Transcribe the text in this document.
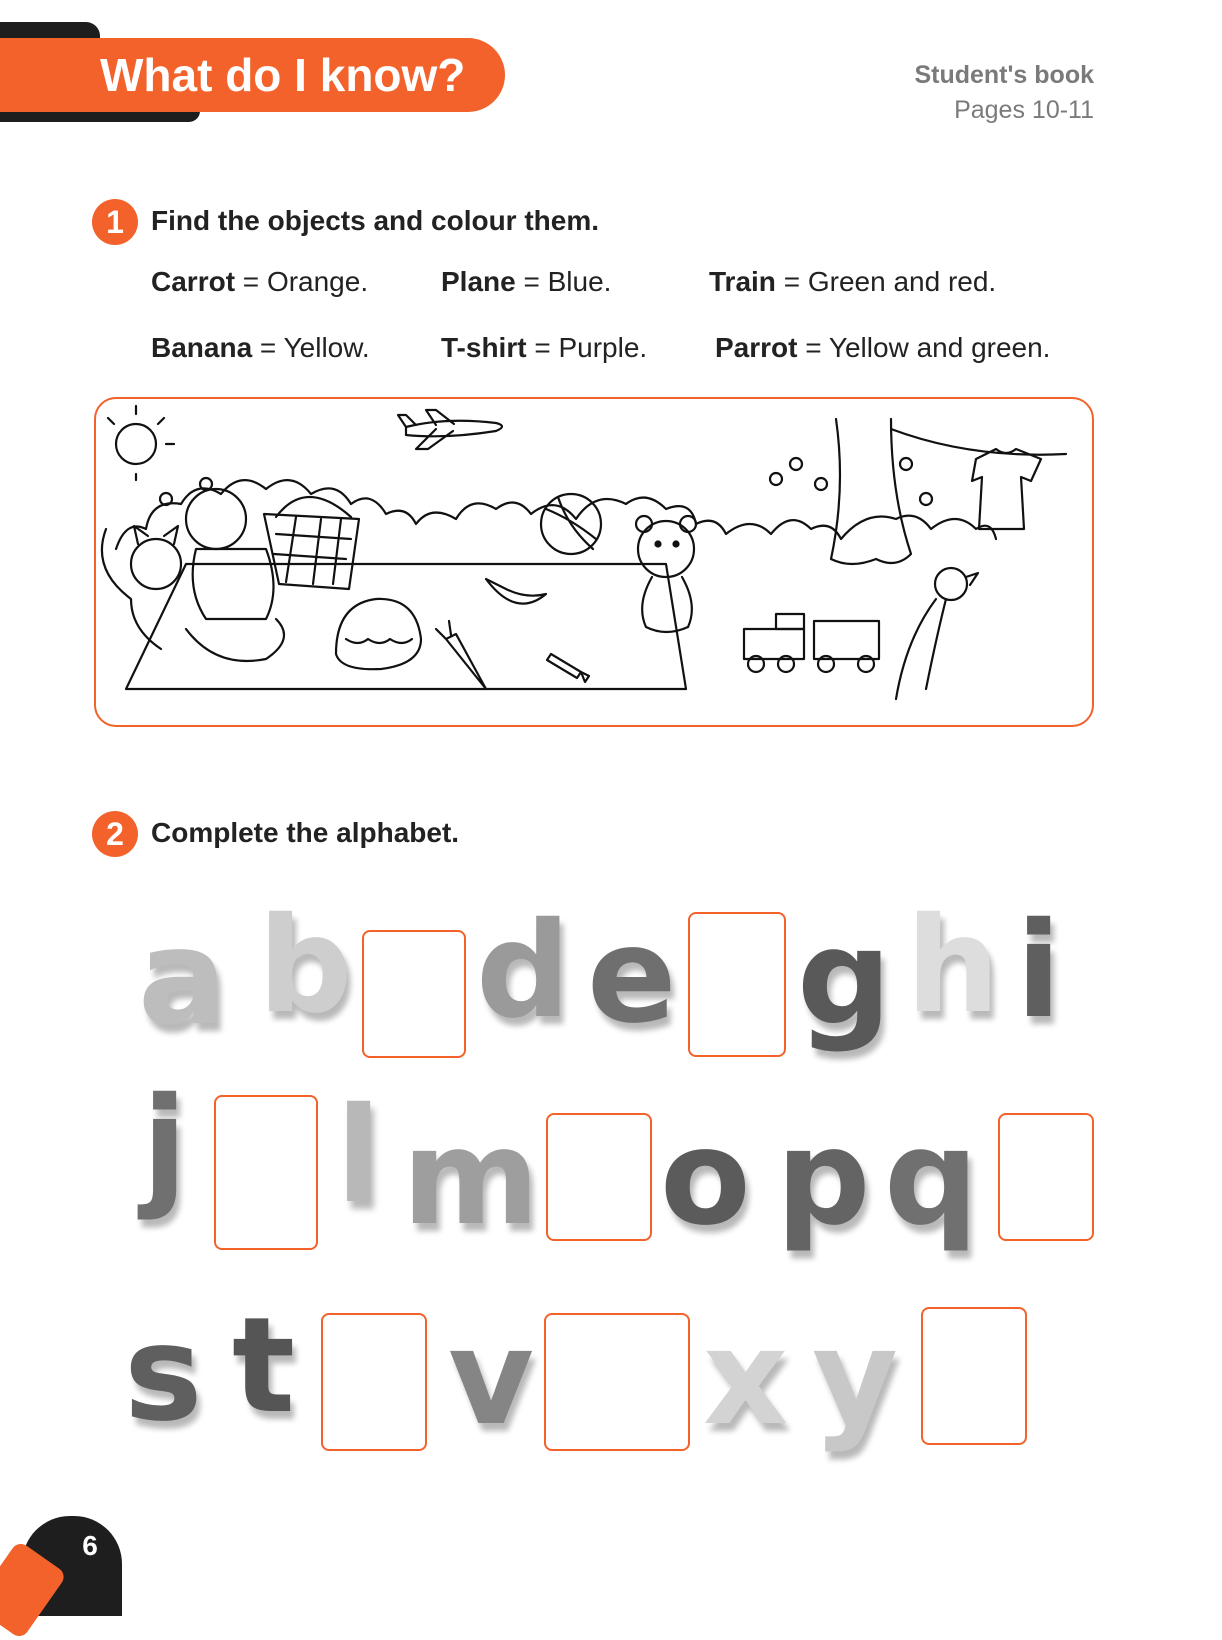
What do I know?	Student's book
Pages 10-11
1 Find the objects and colour them.
Carrot = Orange.	Plane = Blue.	Train = Green and red.
Banana = Yellow.	T-shirt = Purple. Parrot = Yellow and green.
2 Complete the alphabet.
a b d e g h i
j l m o p q
s t v x y
6
